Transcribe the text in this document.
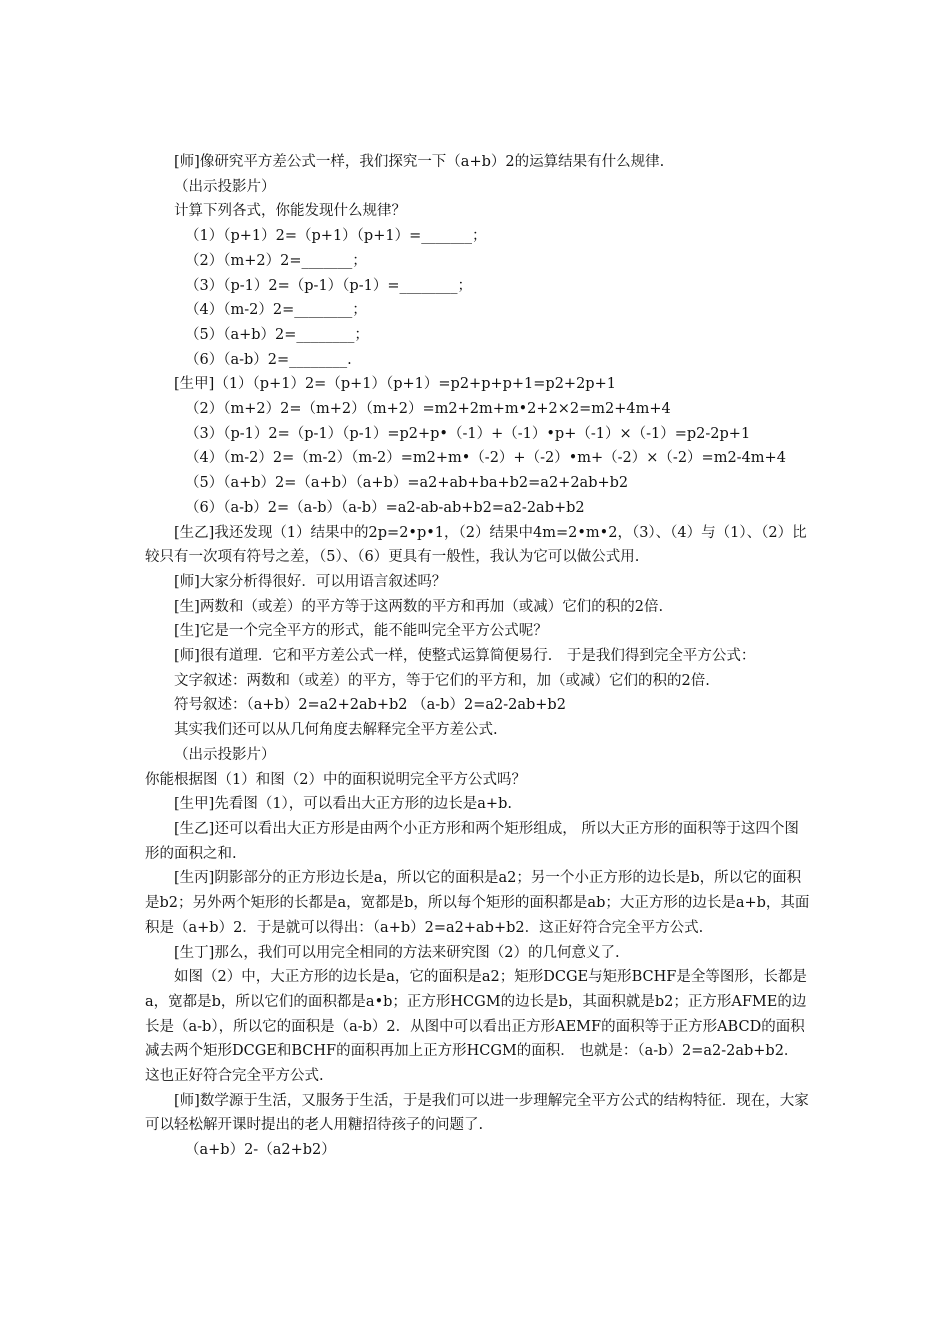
[师]像研究平方差公式一样，我们探究一下（a+b）2的运算结果有什么规律.

（出示投影片）

计算下列各式，你能发现什么规律？

（1）（p+1）2=（p+1）（p+1）=_______；

（2）（m+2）2=_______；

（3）（p-1）2=（p-1）（p-1）=________；

（4）（m-2）2=________；

（5）（a+b）2=________；

（6）（a-b）2=________.

[生甲]（1）（p+1）2=（p+1）（p+1）=p2+p+p+1=p2+2p+1

（2）（m+2）2=（m+2）（m+2）=m2+2m+m•2+2×2=m2+4m+4

（3）（p-1）2=（p-1）（p-1）=p2+p•（-1）+（-1）•p+（-1）×（-1）=p2-2p+1

（4）（m-2）2=（m-2）（m-2）=m2+m•（-2）+（-2）•m+（-2）×（-2）=m2-4m+4

（5）（a+b）2=（a+b）（a+b）=a2+ab+ba+b2=a2+2ab+b2

（6）（a-b）2=（a-b）（a-b）=a2-ab-ab+b2=a2-2ab+b2

[生乙]我还发现（1）结果中的2p=2•p•1，（2）结果中4m=2•m•2，（3）、（4）与（1）、（2）比较只有一次项有符号之差，（5）、（6）更具有一般性，我认为它可以做公式用.

[师]大家分析得很好．可以用语言叙述吗？

[生]两数和（或差）的平方等于这两数的平方和再加（或减）它们的积的2倍.

[生]它是一个完全平方的形式，能不能叫完全平方公式呢？

[师]很有道理．它和平方差公式一样，使整式运算简便易行． 于是我们得到完全平方公式：

文字叙述：两数和（或差）的平方，等于它们的平方和，加（或减）它们的积的2倍.

符号叙述：（a+b）2=a2+2ab+b2 （a-b）2=a2-2ab+b2

其实我们还可以从几何角度去解释完全平方差公式.

（出示投影片）

你能根据图（1）和图（2）中的面积说明完全平方公式吗？

[生甲]先看图（1），可以看出大正方形的边长是a+b.

[生乙]还可以看出大正方形是由两个小正方形和两个矩形组成， 所以大正方形的面积等于这四个图形的面积之和.

[生丙]阴影部分的正方形边长是a，所以它的面积是a2；另一个小正方形的边长是b，所以它的面积是b2；另外两个矩形的长都是a，宽都是b，所以每个矩形的面积都是ab；大正方形的边长是a+b，其面积是（a+b）2．于是就可以得出：（a+b）2=a2+ab+b2．这正好符合完全平方公式.

[生丁]那么，我们可以用完全相同的方法来研究图（2）的几何意义了.

如图（2）中，大正方形的边长是a，它的面积是a2；矩形DCGE与矩形BCHF是全等图形，长都是a，宽都是b，所以它们的面积都是a•b；正方形HCGM的边长是b，其面积就是b2；正方形AFME的边长是（a-b），所以它的面积是（a-b）2．从图中可以看出正方形AEMF的面积等于正方形ABCD的面积减去两个矩形DCGE和BCHF的面积再加上正方形HCGM的面积． 也就是：（a-b）2=a2-2ab+b2．这也正好符合完全平方公式.

[师]数学源于生活，又服务于生活，于是我们可以进一步理解完全平方公式的结构特征．现在，大家可以轻松解开课时提出的老人用糖招待孩子的问题了.

（a+b）2-（a2+b2）
